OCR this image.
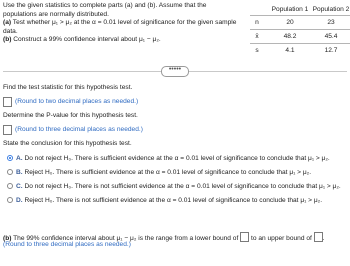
Use the given statistics to complete parts (a) and (b). Assume that the
populations are normally distributed.
(a) Test whether μ₁ > μ₂ at the α = 0.01 level of significance for the given sample
data.
(b) Construct a 99% confidence interval about μ₁ − μ₂.
Population 1 Population 2
n	20	23
x̄	48.2	45.4
s	4.1	12.7
•••••
Find the test statistic for this hypothesis test.
(Round to two decimal places as needed.)
Determine the P-value for this hypothesis test.
(Round to three decimal places as needed.)
State the conclusion for this hypothesis test.
A. Do not reject H₀. There is sufficient evidence at the α = 0.01 level of significance to conclude that μ₁ > μ₂.
B. Reject H₀. There is sufficient evidence at the α = 0.01 level of significance to conclude that μ₁ > μ₂.
C. Do not reject H₀. There is not sufficient evidence at the α = 0.01 level of significance to conclude that μ₁ > μ₂.
D. Reject H₀. There is not sufficient evidence at the α = 0.01 level of significance to conclude that μ₁ > μ₂.
(b) The 99% confidence interval about μ₁ − μ₂ is the range from a lower bound of to an upper bound of .
(Round to three decimal places as needed.)
